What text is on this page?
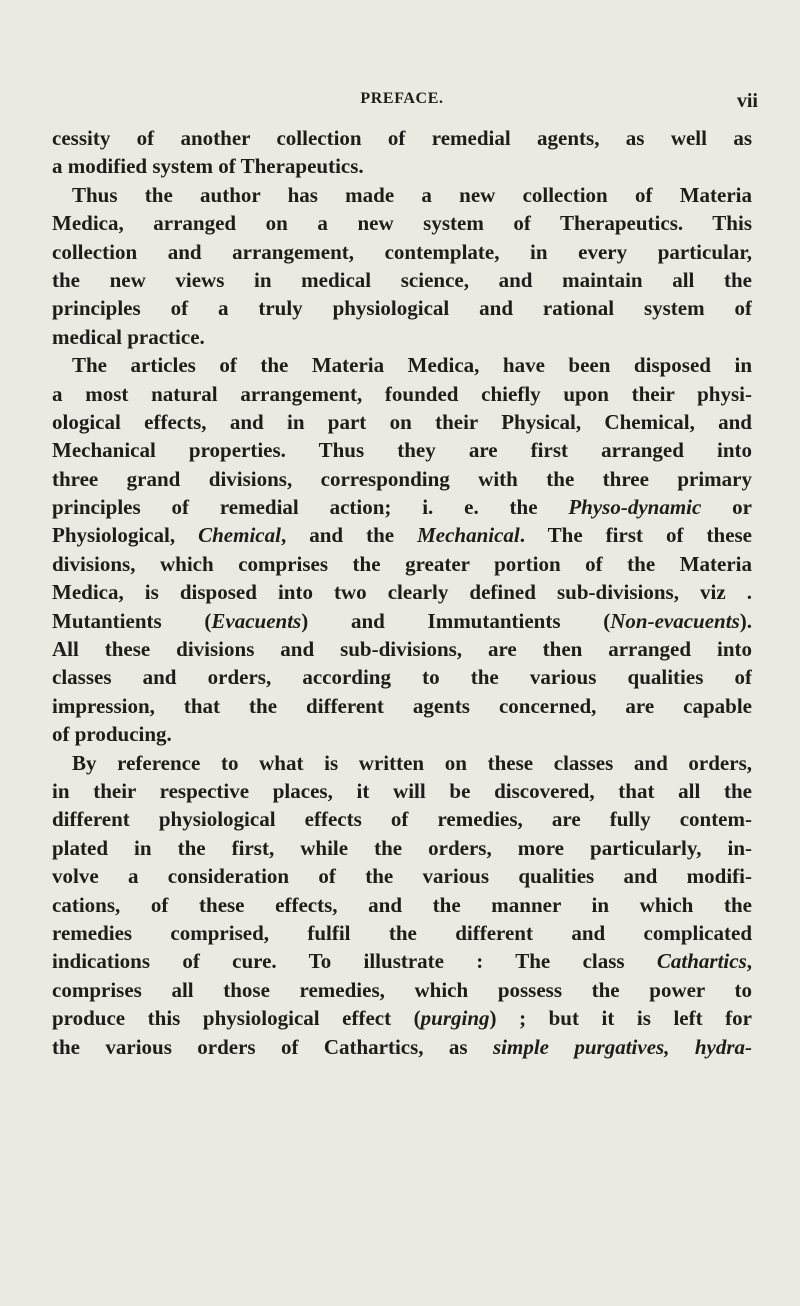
PREFACE.	vii
cessity of another collection of remedial agents, as well as
a modified system of Therapeutics.
Thus the author has made a new collection of Materia
Medica, arranged on a new system of Therapeutics. This
collection and arrangement, contemplate, in every particular,
the new views in medical science, and maintain all the
principles of a truly physiological and rational system of
medical practice.
The articles of the Materia Medica, have been disposed in
a most natural arrangement, founded chiefly upon their physi-
ological effects, and in part on their Physical, Chemical, and
Mechanical properties. Thus they are first arranged into
three grand divisions, corresponding with the three primary
principles of remedial action; i. e. the Physo-dynamic or
Physiological, Chemical, and the Mechanical. The first of these
divisions, which comprises the greater portion of the Materia
Medica, is disposed into two clearly defined sub-divisions, viz .
Mutantients (Evacuents) and Immutantients (Non-evacuents).
All these divisions and sub-divisions, are then arranged into
classes and orders, according to the various qualities of
impression, that the different agents concerned, are capable
of producing.
By reference to what is written on these classes and orders,
in their respective places, it will be discovered, that all the
different physiological effects of remedies, are fully contem-
plated in the first, while the orders, more particularly, in-
volve a consideration of the various qualities and modifi-
cations, of these effects, and the manner in which the
remedies comprised, fulfil the different and complicated
indications of cure. To illustrate : The class Cathartics,
comprises all those remedies, which possess the power to
produce this physiological effect (purging) ; but it is left for
the various orders of Cathartics, as simple purgatives, hydra-
